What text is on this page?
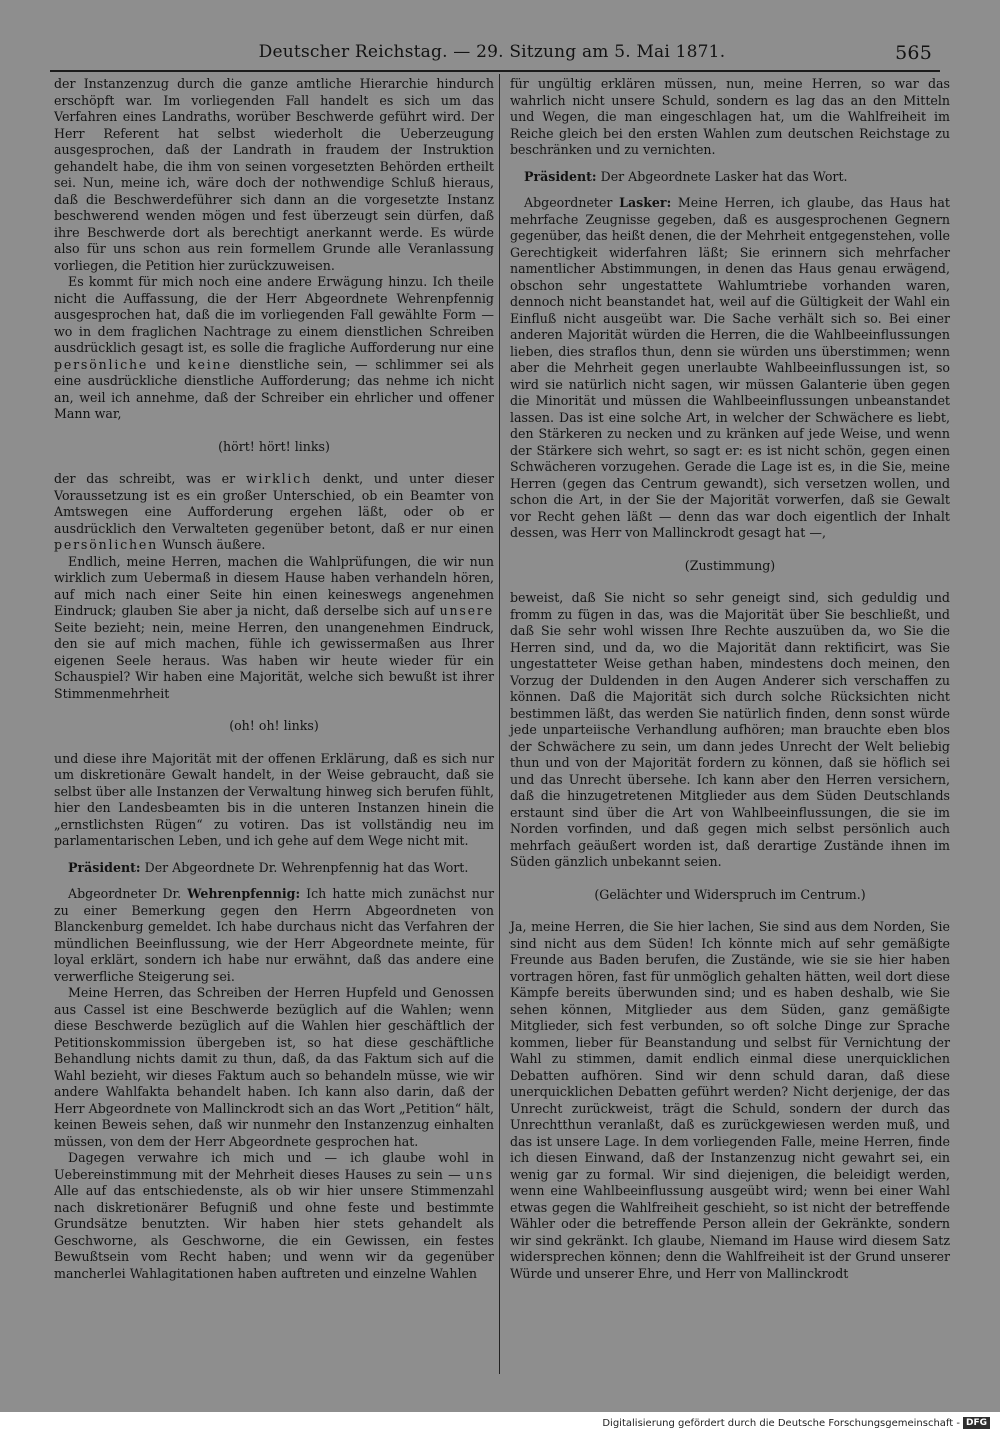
Deutscher Reichstag. — 29. Sitzung am 5. Mai 1871.	565

der Instanzenzug durch die ganze amtliche Hierarchie hindurch erschöpft war. Im vorliegenden Fall handelt es sich um das Verfahren eines Landraths, worüber Beschwerde geführt wird. Der Herr Referent hat selbst wiederholt die Ueberzeugung ausgesprochen, daß der Landrath in fraudem der Instruktion gehandelt habe, die ihm von seinen vorgesetzten Behörden ertheilt sei. Nun, meine ich, wäre doch der nothwendige Schluß hieraus, daß die Beschwerdeführer sich dann an die vorgesetzte Instanz beschwerend wenden mögen und fest überzeugt sein dürfen, daß ihre Beschwerde dort als berechtigt anerkannt werde. Es würde also für uns schon aus rein formellem Grunde alle Veranlassung vorliegen, die Petition hier zurückzuweisen.

Es kommt für mich noch eine andere Erwägung hinzu. Ich theile nicht die Auffassung, die der Herr Abgeordnete Wehrenpfennig ausgesprochen hat, daß die im vorliegenden Fall gewählte Form — wo in dem fraglichen Nachtrage zu einem dienstlichen Schreiben ausdrücklich gesagt ist, es solle die fragliche Aufforderung nur eine persönliche und keine dienstliche sein, — schlimmer sei als eine ausdrückliche dienstliche Aufforderung; das nehme ich nicht an, weil ich annehme, daß der Schreiber ein ehrlicher und offener Mann war,

(hört! hört! links)

der das schreibt, was er wirklich denkt, und unter dieser Voraussetzung ist es ein großer Unterschied, ob ein Beamter von Amtswegen eine Aufforderung ergehen läßt, oder ob er ausdrücklich den Verwalteten gegenüber betont, daß er nur einen persönlichen Wunsch äußere.

Endlich, meine Herren, machen die Wahlprüfungen, die wir nun wirklich zum Uebermaß in diesem Hause haben verhandeln hören, auf mich nach einer Seite hin einen keineswegs angenehmen Eindruck; glauben Sie aber ja nicht, daß derselbe sich auf unsere Seite bezieht; nein, meine Herren, den unangenehmen Eindruck, den sie auf mich machen, fühle ich gewissermaßen aus Ihrer eigenen Seele heraus. Was haben wir heute wieder für ein Schauspiel? Wir haben eine Majorität, welche sich bewußt ist ihrer Stimmenmehrheit

(oh! oh! links)

und diese ihre Majorität mit der offenen Erklärung, daß es sich nur um diskretionäre Gewalt handelt, in der Weise gebraucht, daß sie selbst über alle Instanzen der Verwaltung hinweg sich berufen fühlt, hier den Landesbeamten bis in die unteren Instanzen hinein die „ernstlichsten Rügen“ zu votiren. Das ist vollständig neu im parlamentarischen Leben, und ich gehe auf dem Wege nicht mit.

Präsident: Der Abgeordnete Dr. Wehrenpfennig hat das Wort.

Abgeordneter Dr. Wehrenpfennig: Ich hatte mich zunächst nur zu einer Bemerkung gegen den Herrn Abgeordneten von Blanckenburg gemeldet. Ich habe durchaus nicht das Verfahren der mündlichen Beeinflussung, wie der Herr Abgeordnete meinte, für loyal erklärt, sondern ich habe nur erwähnt, daß das andere eine verwerfliche Steigerung sei.

Meine Herren, das Schreiben der Herren Hupfeld und Genossen aus Cassel ist eine Beschwerde bezüglich auf die Wahlen; wenn diese Beschwerde bezüglich auf die Wahlen hier geschäftlich der Petitionskommission übergeben ist, so hat diese geschäftliche Behandlung nichts damit zu thun, daß, da das Faktum sich auf die Wahl bezieht, wir dieses Faktum auch so behandeln müsse, wie wir andere Wahlfakta behandelt haben. Ich kann also darin, daß der Herr Abgeordnete von Mallinckrodt sich an das Wort „Petition“ hält, keinen Beweis sehen, daß wir nunmehr den Instanzenzug einhalten müssen, von dem der Herr Abgeordnete gesprochen hat.

Dagegen verwahre ich mich und — ich glaube wohl in Uebereinstimmung mit der Mehrheit dieses Hauses zu sein — uns Alle auf das entschiedenste, als ob wir hier unsere Stimmenzahl nach diskretionärer Befugniß und ohne feste und bestimmte Grundsätze benutzten. Wir haben hier stets gehandelt als Geschworne, als Geschworne, die ein Gewissen, ein festes Bewußtsein vom Recht haben; und wenn wir da gegenüber mancherlei Wahlagitationen haben auftreten und einzelne Wahlen

für ungültig erklären müssen, nun, meine Herren, so war das wahrlich nicht unsere Schuld, sondern es lag das an den Mitteln und Wegen, die man eingeschlagen hat, um die Wahlfreiheit im Reiche gleich bei den ersten Wahlen zum deutschen Reichstage zu beschränken und zu vernichten.

Präsident: Der Abgeordnete Lasker hat das Wort.

Abgeordneter Lasker: Meine Herren, ich glaube, das Haus hat mehrfache Zeugnisse gegeben, daß es ausgesprochenen Gegnern gegenüber, das heißt denen, die der Mehrheit entgegenstehen, volle Gerechtigkeit widerfahren läßt; Sie erinnern sich mehrfacher namentlicher Abstimmungen, in denen das Haus genau erwägend, obschon sehr ungestattete Wahlumtriebe vorhanden waren, dennoch nicht beanstandet hat, weil auf die Gültigkeit der Wahl ein Einfluß nicht ausgeübt war. Die Sache verhält sich so. Bei einer anderen Majorität würden die Herren, die die Wahlbeeinflussungen lieben, dies straflos thun, denn sie würden uns überstimmen; wenn aber die Mehrheit gegen unerlaubte Wahlbeeinflussungen ist, so wird sie natürlich nicht sagen, wir müssen Galanterie üben gegen die Minorität und müssen die Wahlbeeinflussungen unbeanstandet lassen. Das ist eine solche Art, in welcher der Schwächere es liebt, den Stärkeren zu necken und zu kränken auf jede Weise, und wenn der Stärkere sich wehrt, so sagt er: es ist nicht schön, gegen einen Schwächeren vorzugehen. Gerade die Lage ist es, in die Sie, meine Herren (gegen das Centrum gewandt), sich versetzen wollen, und schon die Art, in der Sie der Majorität vorwerfen, daß sie Gewalt vor Recht gehen läßt — denn das war doch eigentlich der Inhalt dessen, was Herr von Mallinckrodt gesagt hat —,

(Zustimmung)

beweist, daß Sie nicht so sehr geneigt sind, sich geduldig und fromm zu fügen in das, was die Majorität über Sie beschließt, und daß Sie sehr wohl wissen Ihre Rechte auszuüben da, wo Sie die Herren sind, und da, wo die Majorität dann rektificirt, was Sie ungestatteter Weise gethan haben, mindestens doch meinen, den Vorzug der Duldenden in den Augen Anderer sich verschaffen zu können. Daß die Majorität sich durch solche Rücksichten nicht bestimmen läßt, das werden Sie natürlich finden, denn sonst würde jede unparteiische Verhandlung aufhören; man brauchte eben blos der Schwächere zu sein, um dann jedes Unrecht der Welt beliebig thun und von der Majorität fordern zu können, daß sie höflich sei und das Unrecht übersehe. Ich kann aber den Herren versichern, daß die hinzugetretenen Mitglieder aus dem Süden Deutschlands erstaunt sind über die Art von Wahlbeeinflussungen, die sie im Norden vorfinden, und daß gegen mich selbst persönlich auch mehrfach geäußert worden ist, daß derartige Zustände ihnen im Süden gänzlich unbekannt seien.

(Gelächter und Widerspruch im Centrum.)

Ja, meine Herren, die Sie hier lachen, Sie sind aus dem Norden, Sie sind nicht aus dem Süden! Ich könnte mich auf sehr gemäßigte Freunde aus Baden berufen, die Zustände, wie sie sie hier haben vortragen hören, fast für unmöglich gehalten hätten, weil dort diese Kämpfe bereits überwunden sind; und es haben deshalb, wie Sie sehen können, Mitglieder aus dem Süden, ganz gemäßigte Mitglieder, sich fest verbunden, so oft solche Dinge zur Sprache kommen, lieber für Beanstandung und selbst für Vernichtung der Wahl zu stimmen, damit endlich einmal diese unerquicklichen Debatten aufhören. Sind wir denn schuld daran, daß diese unerquicklichen Debatten geführt werden? Nicht derjenige, der das Unrecht zurückweist, trägt die Schuld, sondern der durch das Unrechtthun veranlaßt, daß es zurückgewiesen werden muß, und das ist unsere Lage. In dem vorliegenden Falle, meine Herren, finde ich diesen Einwand, daß der Instanzenzug nicht gewahrt sei, ein wenig gar zu formal. Wir sind diejenigen, die beleidigt werden, wenn eine Wahlbeeinflussung ausgeübt wird; wenn bei einer Wahl etwas gegen die Wahlfreiheit geschieht, so ist nicht der betreffende Wähler oder die betreffende Person allein der Gekränkte, sondern wir sind gekränkt. Ich glaube, Niemand im Hause wird diesem Satz widersprechen können; denn die Wahlfreiheit ist der Grund unserer Würde und unserer Ehre, und Herr von Mallinckrodt

Digitalisierung gefördert durch die Deutsche Forschungsgemeinschaft - DFG
